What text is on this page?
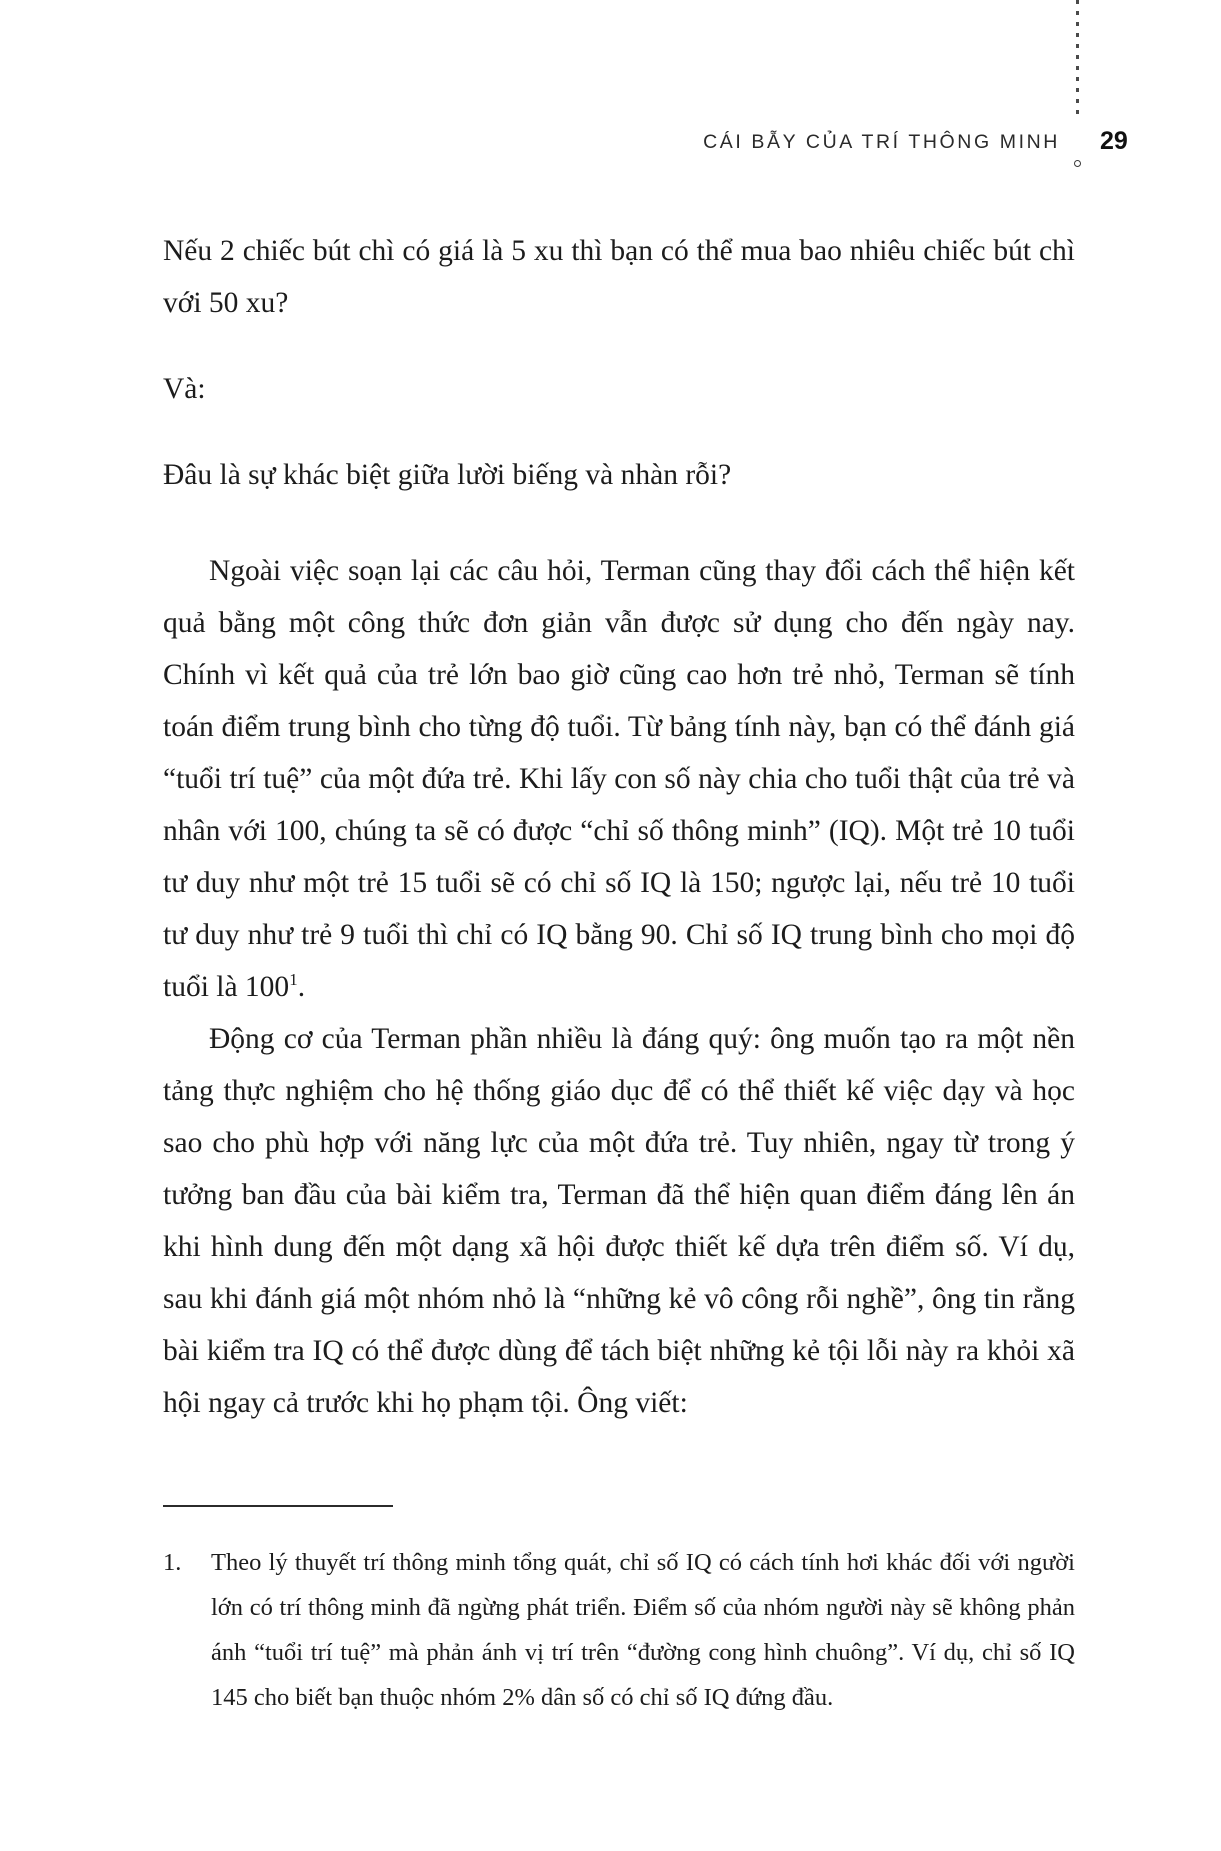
CÁI BẪY CỦA TRÍ THÔNG MINH 29

Nếu 2 chiếc bút chì có giá là 5 xu thì bạn có thể mua bao nhiêu chiếc bút chì với 50 xu?

Và:

Đâu là sự khác biệt giữa lười biếng và nhàn rỗi?

Ngoài việc soạn lại các câu hỏi, Terman cũng thay đổi cách thể hiện kết quả bằng một công thức đơn giản vẫn được sử dụng cho đến ngày nay. Chính vì kết quả của trẻ lớn bao giờ cũng cao hơn trẻ nhỏ, Terman sẽ tính toán điểm trung bình cho từng độ tuổi. Từ bảng tính này, bạn có thể đánh giá “tuổi trí tuệ” của một đứa trẻ. Khi lấy con số này chia cho tuổi thật của trẻ và nhân với 100, chúng ta sẽ có được “chỉ số thông minh” (IQ). Một trẻ 10 tuổi tư duy như một trẻ 15 tuổi sẽ có chỉ số IQ là 150; ngược lại, nếu trẻ 10 tuổi tư duy như trẻ 9 tuổi thì chỉ có IQ bằng 90. Chỉ số IQ trung bình cho mọi độ tuổi là $100^1$.

Động cơ của Terman phần nhiều là đáng quý: ông muốn tạo ra một nền tảng thực nghiệm cho hệ thống giáo dục để có thể thiết kế việc dạy và học sao cho phù hợp với năng lực của một đứa trẻ. Tuy nhiên, ngay từ trong ý tưởng ban đầu của bài kiểm tra, Terman đã thể hiện quan điểm đáng lên án khi hình dung đến một dạng xã hội được thiết kế dựa trên điểm số. Ví dụ, sau khi đánh giá một nhóm nhỏ là “những kẻ vô công rỗi nghề”, ông tin rằng bài kiểm tra IQ có thể được dùng để tách biệt những kẻ tội lỗi này ra khỏi xã hội ngay cả trước khi họ phạm tội. Ông viết:

1.	Theo lý thuyết trí thông minh tổng quát, chỉ số IQ có cách tính hơi khác đối với người lớn có trí thông minh đã ngừng phát triển. Điểm số của nhóm người này sẽ không phản ánh “tuổi trí tuệ” mà phản ánh vị trí trên “đường cong hình chuông”. Ví dụ, chỉ số IQ 145 cho biết bạn thuộc nhóm 2% dân số có chỉ số IQ đứng đầu.
